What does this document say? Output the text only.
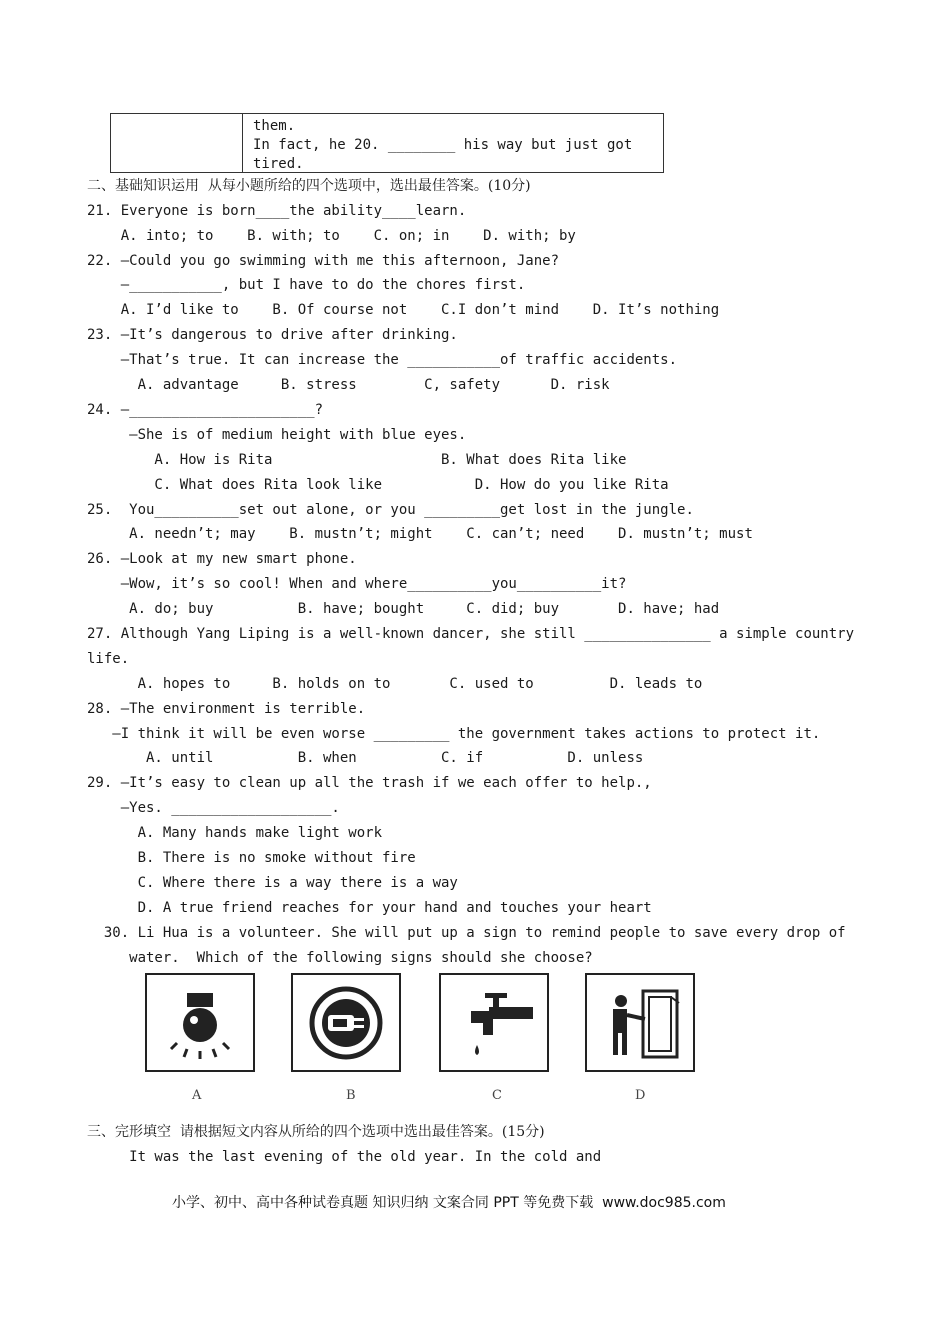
them.
In fact, he 20. ________ his way but just got
tired.
二、基础知识运用  从每小题所给的四个选项中，选出最佳答案。(10分)
21. Everyone is born____the ability____learn.
A. into; to    B. with; to    C. on; in    D. with; by
22. —Could you go swimming with me this afternoon, Jane?
—___________, but I have to do the chores first.
A. I’d like to    B. Of course not    C.I don’t mind    D. It’s nothing
23. —It’s dangerous to drive after drinking.
—That’s true. It can increase the ___________of traffic accidents.
A. advantage     B. stress        C, safety      D. risk
24. —______________________?
—She is of medium height with blue eyes.
A. How is Rita                    B. What does Rita like
C. What does Rita look like           D. How do you like Rita
25.  You__________set out alone, or you _________get lost in the jungle.
A. needn’t; may    B. mustn’t; might    C. can’t; need    D. mustn’t; must
26. —Look at my new smart phone.
—Wow, it’s so cool! When and where__________you__________it?
A. do; buy          B. have; bought     C. did; buy       D. have; had
27. Although Yang Liping is a well-known dancer, she still _______________ a simple country
life.
A. hopes to     B. holds on to       C. used to         D. leads to
28. —The environment is terrible.
—I think it will be even worse _________ the government takes actions to protect it.
A. until          B. when          C. if          D. unless
29. —It’s easy to clean up all the trash if we each offer to help.,
—Yes. ___________________.
A. Many hands make light work
B. There is no smoke without fire
C. Where there is a way there is a way
D. A true friend reaches for your hand and touches your heart
30. Li Hua is a volunteer. She will put up a sign to remind people to save every drop of
water.  Which of the following signs should she choose?
A	B	C	D
三、完形填空  请根据短文内容从所给的四个选项中选出最佳答案。(15分)
It was the last evening of the old year. In the cold and
小学、初中、高中各种试卷真题 知识归纳 文案合同 PPT 等免费下载  www.doc985.com
